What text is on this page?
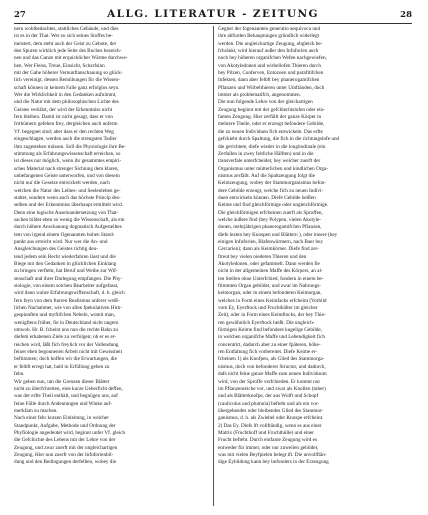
27	ALLG. LITERATUR - ZEITUNG	28
nern wohlbedachtes, stattliches Gebäude, und dies
ist es in der That. Wer so sich seines Stoffes be-
meistert, dem steht auch der Geist zu Gebote, der
den Spuren wirklich jede Seite des Buches bezeich-
nen und das Ganze mit erquicklicher Wärme durchwe-
hen. Wer Fleiss, Treue, Einsicht, Scharfsinn
mit der Gabe höherer Vernunftanschauung so glück-
lich vereinigt, dessen Bemühungen für die Wissen-
schaft können in keinem Falle ganz erfolglos seyn.
Wer die Wirklichkeit in den Gedanken aufnimmt,
und die Natur mit dem philosophischen Lichte des
Geistes verklärt, der wird der Erkenntniss nicht
fern bleiben. Damit ist nicht gesagt, dass er von
Irrthümern gefehen frey, dergleichen auch unferm
Vf. begegnet sind; aber dass er den rechten Weg
eingeschlagen, werden auch die strengsten Tadler
ihm zugestehen müssen. Soll die Physiologie ihre Be-
stimmung als Erfahrungswissenschaft erreichen, so
ist dieses nur möglich, wenn ihr gesammtes empiri-
sches Material nach strenger Sichtung dem klaren,
unbefangenen Geiste unterworfen, und von diesem
nicht nur die Gesetze entwickelt werden, nach
welchen die Natur des Leibes- und Seelenleben ge-
staltet, sondern wenn auch das höchste Princip des-
selben und der Erkenntniss überhaupt ermittelt wird.
Denn eine logische Auseinandersetzung von That-
sachen bildet eben so wenig die Wissenschaft, als ein
durch höhere Anschauung dogmatisch Aufgestelltes
tem von irgend einem Ogenannten hohen Stand-
punkt aus erreicht wird. Nur wer die An- und
Ausgleichungen des Geistes richtig deu-
tend jedem sein Recht wiederfahren lässt und die
Biege mit den Gedanken in glücklichen Einklang
zu bringen verfteht, hat Beruf und Weihe zur Wif-
senschaft und ihrer Darlegung empfangen. Die Phy-
siologie, von einem solchen Bearbeiter aufgefasst,
wird dann wahre Erfahrungswiffenschaft, d. h. gleich
fern feyn von dem ftarren Realismus unferer weiß-
lichen Nachahmer, wie von allen fpekulativen Hirn-
gespinnften und myftifchen Nebeln, womit man,
wenigftens früher, fie in Deutschland nicht ungern
umwob. Hr. B. fcheint uns nun die rechte Bahn zu
diefem erhabenen Ziele zu verfolgen; ob er es er-
reichen wird, läßt fich freylich vor der Vollendung
feiner eben begonnenen Arbeit nicht mit Gewissheit
beftimmen; doch hoffen wir die Erwartungen, die
er felbft erregt hat, bald in Erfüllung gehen zu
fehn.
Wir geben nun, um die Grenzen dieser Blätter
nicht zu überfchreiten, eine kurze Ueberficht deffen,
was der erfte Theil enthält, und begnügen uns, auf
feine Fülle durch Andeutungen und Winke auf-
merkfam zu machen.
Nach einer fehr kurzen Einleitung, in welcher
Standpunkt, Aufgabe, Methode und Ordnung der
Phyfiologie angedeutet wird, beginnt unfer Vf. gleich
die Gefchichte des Lebens mit der Lehre von der
Zeugung, und zwar zuerft mit der ungleichartigen
Zeugung. Hier nun zuerft von der Infuforienbil-
dung und den Bedingungen derfelben, wobey die
Gegner der fogenannten generatio aequivoca und
ihre abfurden Behauptungen gründlich widerlegt
werden. Die ungleichartige Zeugung, obgleich be-
fchränkt, wird hierauf außer den Infuforien auch
noch bey höheren organifchen Wefen nachgewiefen,
von Akotyledonen und wirbellofen Thieren durch
bey Pilzen, Conferven, Entozoen und parafitifchen
Infekten, dann aber felbft bey phanerogamifchen
Pflanzen und Wirbelthieren unter Umftänden, doch
immer als problematifch, angenommen.
Die nun folgende Lehre von der gleichartigen
Zeugung beginnt mit der gefchlechtslofen oder ein-
famen Zeugung. Hier zerfällt der ganze Körper in
mehrere Theile, oder er erzeugt befondere Gebilde,
die zu neuen Individuen fich entwickeln. Das erfte
gefchieht durch Spaltung, die fich in die richtungslofe und
die gerichtete, diefe wieder in die longitudinale (ein
Zerfallen in zwey feitliche Hälften) und in die
transverfale unterfcheidet, bey welcher zuerft der
Organismus unter mütterlichen und kindlichen Orga-
nismus zerfällt. Auf die Spaltzeugung folgt die
Keimzeugung, wobey der Stammorganismus befon-
dere Gebilde erzeugt, welche fich zu neuen Indivi-
duen entwickeln können. Diefe Gebilde heißen
Keime und find gleichförmige oder ungleichförmige.
Die gleichförmigen erfcheinen zuerft als Sproffen,
welche äußere find (bey Polypen, vielen Akotyle-
donen, mehrjährigen phanerogamifchen Pflanzen,
diefe lezten bey Knospen und Blättern ), oder innere (bey
einigen Infuforien, Blafenwürmern, nach Baer bey
Cercarien); dann als Keimkörner. Diefe find zer-
ftreut bey vielen niederen Thieren und den
Akotyledonen, oder gefammelt. Dann werden fie
nicht in der allgemeinen Maffe des Körpers, an al-
len Stellen ohne Unterfchied, fondern in einem be-
ftimmten Organ gebildet, und zwar im Nahrungs-
keimorgan, oder in einem befonderen Keimorgan,
welches in Form eines Keimfacks erfcheint (Vorbild
vom Ey, Eyerftock und Fruchthälter im gleicher
Zeit), oder in Form eines Keimftocks, der bey Thie-
ren gewöhnlich Eyerftock heißt. Die ungleich-
förmigen Keime find befondere kugelige Gebilde,
in welchen organifche Maffe und Lebendigkeit fich
concentrirt, dadurch aber zu einer fpäteren, höhe-
ren Entfaltung fich vorbereitet. Diefe Keime er-
fcheinen 1) als Knofpen, als Glied des Stammorga-
nismus, doch von befonderer Structur, und dadurch,
dafs nicht feine ganze Maffe zum neuen Individuum
wird, von der Sproffe verfchieden. Er kommt nur
im Pflanzenreiche vor, und zwar als Knollen (tuber)
und als Blätterknofpe, der aus Wulft und Schopf
(cauliculus und plumula) befteht und als ein vor-
übergehendes oder bleibendes Glied des Stammor-
ganismus, d. h. als Zwiebel oder Knospe erfcheint.
2) Das Ey. Diefs ift vollftändig, wenn es aus einer
Matrix (Fruchthoff und Fruchthülle) und einer
Frucht befteht. Durch einfame Zeugung wird es
entweder für immer, oder nur zuweilen gebildet,
was mit vielen Beyfpielen belegt ift. Die unvollftän-
dige Eybildung kann bey befonders in der Erzeugung
